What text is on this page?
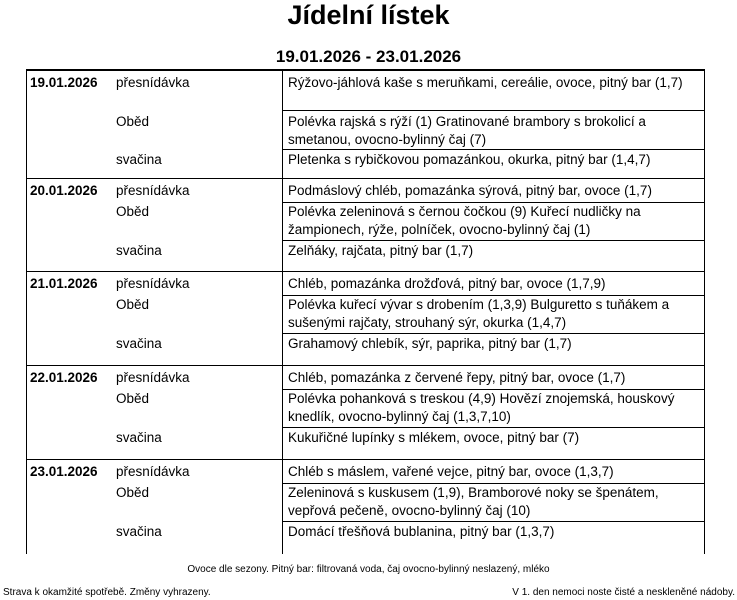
Jídelní lístek
19.01.2026 - 23.01.2026
19.01.2026 přesnídávka	Rýžovo-jáhlová kaše s meruňkami, cereálie, ovoce, pitný bar (1,7)
Oběd	Polévka rajská s rýží (1) Gratinované brambory s brokolicí a smetanou, ovocno-bylinný čaj (7)
svačina	Pletenka s rybičkovou pomazánkou, okurka, pitný bar (1,4,7)
20.01.2026 přesnídávka	Podmáslový chléb, pomazánka sýrová, pitný bar, ovoce (1,7)
Oběd	Polévka zeleninová s černou čočkou (9) Kuřecí nudličky na žampionech, rýže, polníček, ovocno-bylinný čaj (1)
svačina	Zelňáky, rajčata, pitný bar (1,7)
21.01.2026 přesnídávka	Chléb, pomazánka drožďová, pitný bar, ovoce (1,7,9)
Oběd	Polévka kuřecí vývar s drobením (1,3,9) Bulguretto s tuňákem a sušenými rajčaty, strouhaný sýr, okurka (1,4,7)
svačina	Grahamový chlebík, sýr, paprika, pitný bar (1,7)
22.01.2026 přesnídávka	Chléb, pomazánka z červené řepy, pitný bar, ovoce (1,7)
Oběd	Polévka pohanková s treskou (4,9) Hovězí znojemská, houskový knedlík, ovocno-bylinný čaj (1,3,7,10)
svačina	Kukuřičné lupínky s mlékem, ovoce, pitný bar (7)
23.01.2026 přesnídávka	Chléb s máslem, vařené vejce, pitný bar, ovoce (1,3,7)
Oběd	Zeleninová s kuskusem (1,9), Bramborové noky se špenátem, vepřová pečeně, ovocno-bylinný čaj (10)
svačina	Domácí třešňová bublanina, pitný bar (1,3,7)
Ovoce dle sezony. Pitný bar: filtrovaná voda, čaj ovocno-bylinný neslazený, mléko
Strava k okamžité spotřebě. Změny vyhrazeny.	V 1. den nemoci noste čisté a neskleněné nádoby.
